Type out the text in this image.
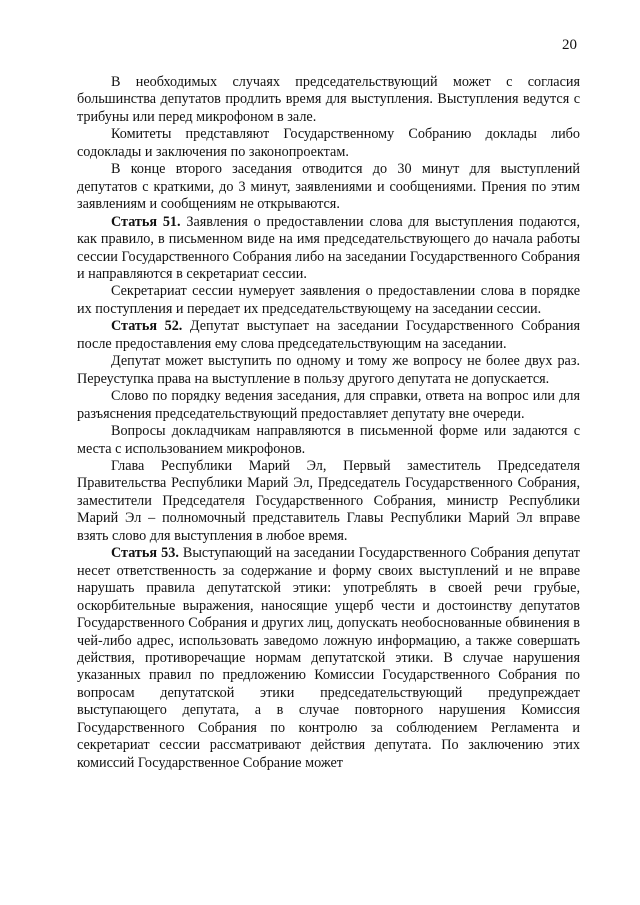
20

В необходимых случаях председательствующий может с согласия большинства депутатов продлить время для выступления. Выступления ведутся с трибуны или перед микрофоном в зале.

Комитеты представляют Государственному Собранию доклады либо содоклады и заключения по законопроектам.

В конце второго заседания отводится до 30 минут для выступлений депутатов с краткими, до 3 минут, заявлениями и сообщениями. Прения по этим заявлениям и сообщениям не открываются.

Статья 51. Заявления о предоставлении слова для выступления подаются, как правило, в письменном виде на имя председательствующего до начала работы сессии Государственного Собрания либо на заседании Государственного Собрания и направляются в секретариат сессии.

Секретариат сессии нумерует заявления о предоставлении слова в порядке их поступления и передает их председательствующему на заседании сессии.

Статья 52. Депутат выступает на заседании Государственного Собрания после предоставления ему слова председательствующим на заседании.

Депутат может выступить по одному и тому же вопросу не более двух раз. Переуступка права на выступление в пользу другого депутата не допускается.

Слово по порядку ведения заседания, для справки, ответа на вопрос или для разъяснения председательствующий предоставляет депутату вне очереди.

Вопросы докладчикам направляются в письменной форме или задаются с места с использованием микрофонов.

Глава Республики Марий Эл, Первый заместитель Председателя Правительства Республики Марий Эл, Председатель Государственного Собрания, заместители Председателя Государственного Собрания, министр Республики Марий Эл – полномочный представитель Главы Республики Марий Эл вправе взять слово для выступления в любое время.

Статья 53. Выступающий на заседании Государственного Собрания депутат несет ответственность за содержание и форму своих выступлений и не вправе нарушать правила депутатской этики: употреблять в своей речи грубые, оскорбительные выражения, наносящие ущерб чести и достоинству депутатов Государственного Собрания и других лиц, допускать необоснованные обвинения в чей-либо адрес, использовать заведомо ложную информацию, а также совершать действия, противоречащие нормам депутатской этики. В случае нарушения указанных правил по предложению Комиссии Государственного Собрания по вопросам депутатской этики председательствующий предупреждает выступающего депутата, а в случае повторного нарушения Комиссия Государственного Собрания по контролю за соблюдением Регламента и секретариат сессии рассматривают действия депутата. По заключению этих комиссий Государственное Собрание может
